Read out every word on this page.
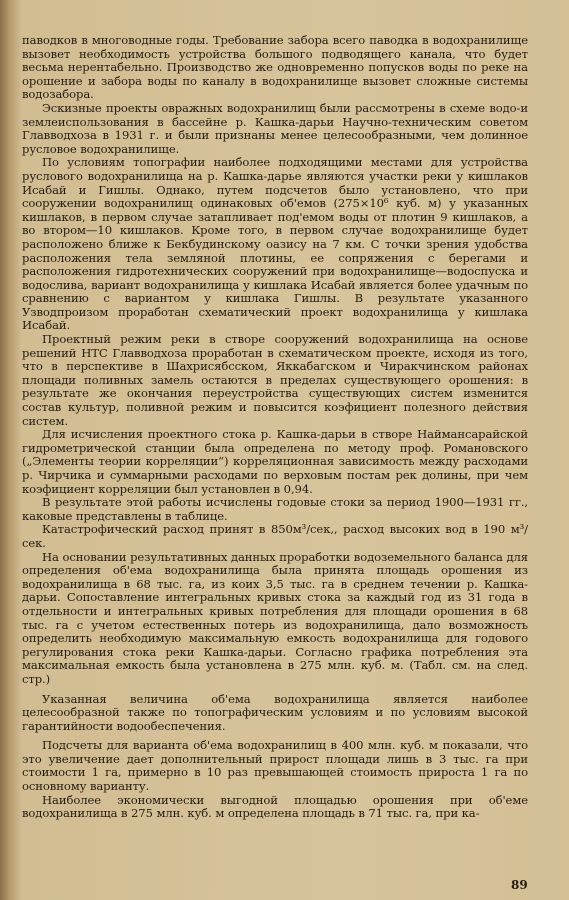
паводков в многоводные годы. Требование забора всего паводка в водохранилище вызовет необходимость устройства большого подводящего канала, что будет весьма нерентабельно. Производство же одновременно попусков воды по реке на орошение и забора воды по каналу в водохранилище вызовет сложные системы водозабора.

Эскизные проекты овражных водохранилищ были рассмотрены в схеме водо-и землеиспользования в бассейне р. Кашка-дарьи Научно-техническим советом Главводхоза в 1931 г. и были признаны менее целесообразными, чем долинное русловое водохранилище.

По условиям топографии наиболее подходящими местами для устройства руслового водохранилища на р. Кашка-дарье являются участки реки у кишлаков Исабай и Гишлы. Однако, путем подсчетов было установлено, что при сооружении водохранилищ одинаковых об'емов (275×10⁶ куб. м) у указанных кишлаков, в первом случае затапливает под'емом воды от плотин 9 кишлаков, а во втором—10 кишлаков. Кроме того, в первом случае водохранилище будет расположено ближе к Бекбудинскому оазису на 7 км. С точки зрения удобства расположения тела земляной плотины, ее сопряжения с берегами и расположения гидротехнических сооружений при водохранилище—водоспуска и водослива, вариант водохранилища у кишлака Исабай является более удачным по сравнению с вариантом у кишлака Гишлы. В результате указанного Узводпроизом проработан схематический проект водохранилища у кишлака Исабай.

Проектный режим реки в створе сооружений водохранилища на основе решений НТС Главводхоза проработан в схематическом проекте, исходя из того, что в перспективе в Шахрисябсском, Яккабагском и Чиракчинском районах площади поливных замель остаются в пределах существующего орошения: в результате же окончания переустройства существующих систем изменится состав культур, поливной режим и повысится коэфициент полезного действия систем.

Для исчисления проектного стока р. Кашка-дарьи в створе Наймансарайской гидрометрической станции была определена по методу проф. Романовского („Элементы теории корреляции“) корреляционная зависимость между расходами р. Чирчика и суммарными расходами по верховым постам рек долины, при чем коэфициент корреляции был установлен в 0,94.

В результате этой работы исчислены годовые стоки за период 1900—1931 гг., каковые представлены в таблице.

Катастрофический расход принят в 850м³/сек,, расход высоких вод в 190 м³/сек.

На основании результативных данных проработки водоземельного баланса для определения об'ема водохранилища была принята площадь орошения из водохранилища в 68 тыс. га, из коих 3,5 тыс. га в среднем течении р. Кашка-дарьи. Сопоставление интегральных кривых стока за каждый год из 31 года в отдельности и интегральных кривых потребления для площади орошения в 68 тыс. га с учетом естественных потерь из водохранилища, дало возможность определить необходимую максимальную емкость водохранилища для годового регулирования стока реки Кашка-дарьи. Согласно графика потребления эта максимальная емкость была установлена в 275 млн. куб. м. (Табл. см. на след. стр.)

Указанная величина об'ема водохранилища является наиболее целесообразной также по топографическим условиям и по условиям высокой гарантийности водообеспечения.

Подсчеты для варианта об'ема водохранилищ в 400 млн. куб. м показали, что это увеличение дает дополнительный прирост площади лишь в 3 тыс. га при стоимости 1 га, примерно в 10 раз превышающей стоимость прироста 1 га по основному варианту.

Наиболее экономически выгодной площадью орошения при об'еме водохранилища в 275 млн. куб. м определена площадь в 71 тыс. га, при ка-

89
